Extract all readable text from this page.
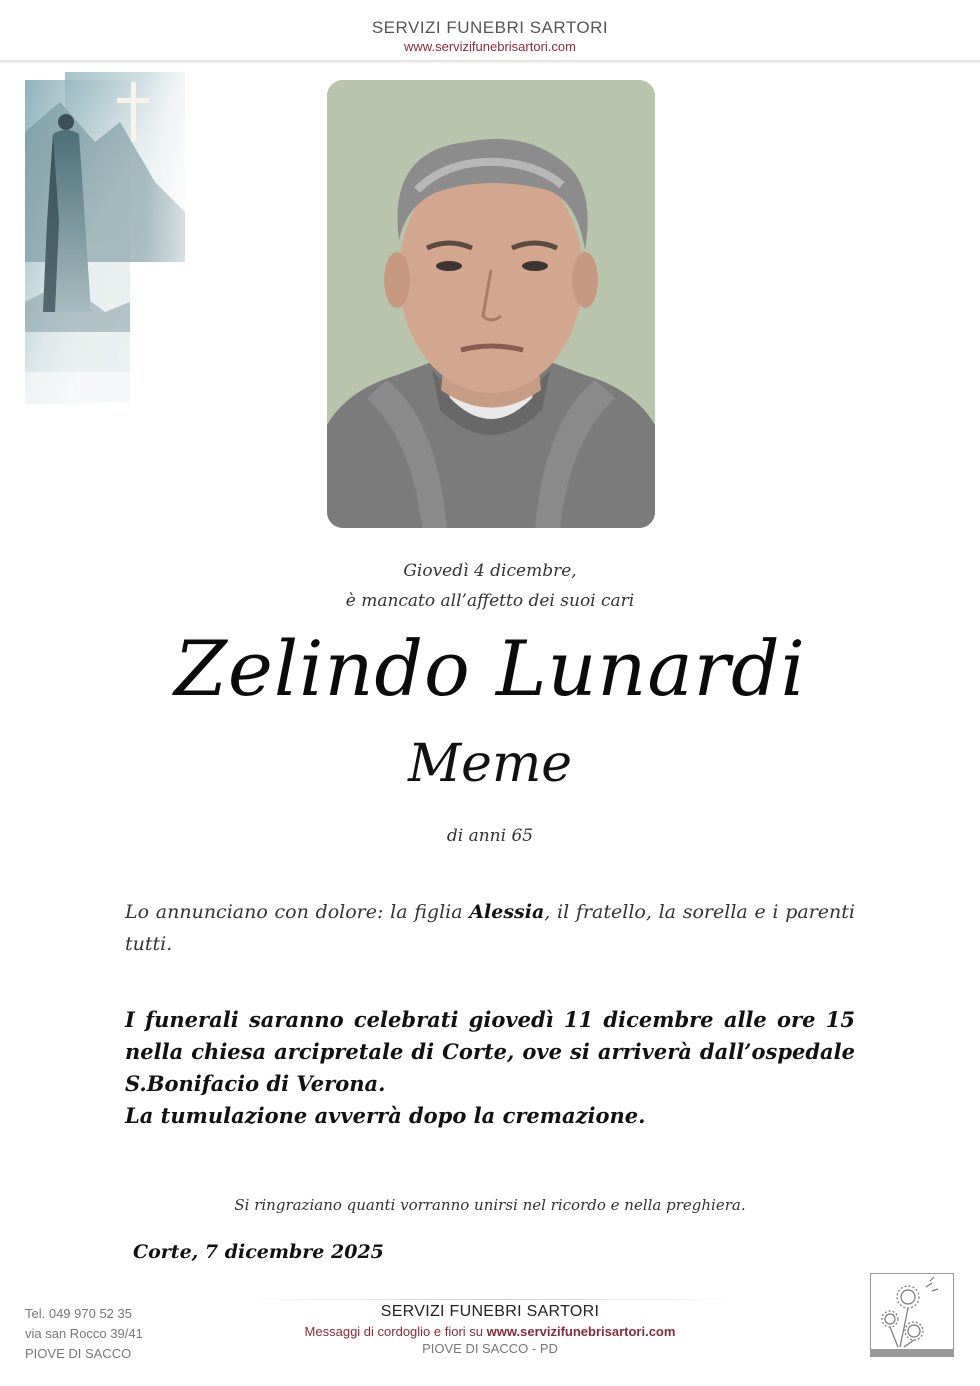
SERVIZI FUNEBRI SARTORI
www.servizifunebrisartori.com
Giovedì 4 dicembre,
è mancato all’affetto dei suoi cari
Zelindo Lunardi
Meme
di anni 65
Lo annunciano con dolore: la figlia Alessia, il fratello, la sorella e i parenti tutti.
I funerali saranno celebrati giovedì 11 dicembre alle ore 15
nella chiesa arcipretale di Corte, ove si arriverà dall’ospedale
S.Bonifacio di Verona.
La tumulazione avverrà dopo la cremazione.
Si ringraziano quanti vorranno unirsi nel ricordo e nella preghiera.
Corte, 7 dicembre 2025
Tel. 049 970 52 35
via san Rocco 39/41
PIOVE DI SACCO
SERVIZI FUNEBRI SARTORI
Messaggi di cordoglio e fiori su www.servizifunebrisartori.com
PIOVE DI SACCO - PD
